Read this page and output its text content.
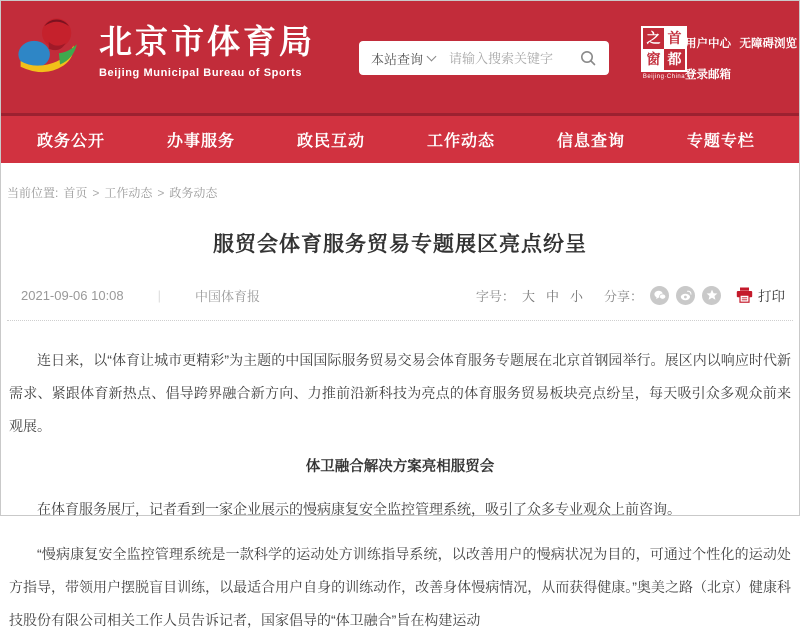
北京市体育局
Beijing Municipal Bureau of Sports
本站查询
请输入搜索关键字
之 首
窗 都
Beijing·China
用户中心 无障碍浏览
登录邮箱
政务公开	办事服务	政民互动	工作动态	信息查询	专题专栏
当前位置: 首页 > 工作动态 > 政务动态
服贸会体育服务贸易专题展区亮点纷呈
2021-09-06 10:08	|	中国体育报	字号： 大 中 小 分享：	打印

连日来，以“体育让城市更精彩”为主题的中国国际服务贸易交易会体育服务专题展在北京首钢园举行。展区内以响应时代新需求、紧跟体育新热点、倡导跨界融合新方向、力推前沿新科技为亮点的体育服务贸易板块亮点纷呈，每天吸引众多观众前来观展。

体卫融合解决方案亮相服贸会

在体育服务展厅，记者看到一家企业展示的慢病康复安全监控管理系统，吸引了众多专业观众上前咨询。

“慢病康复安全监控管理系统是一款科学的运动处方训练指导系统，以改善用户的慢病状况为目的，可通过个性化的运动处方指导，带领用户摆脱盲目训练，以最适合用户自身的训练动作，改善身体慢病情况，从而获得健康。”奥美之路（北京）健康科技股份有限公司相关工作人员告诉记者，国家倡导的“体卫融合”旨在构建运动
